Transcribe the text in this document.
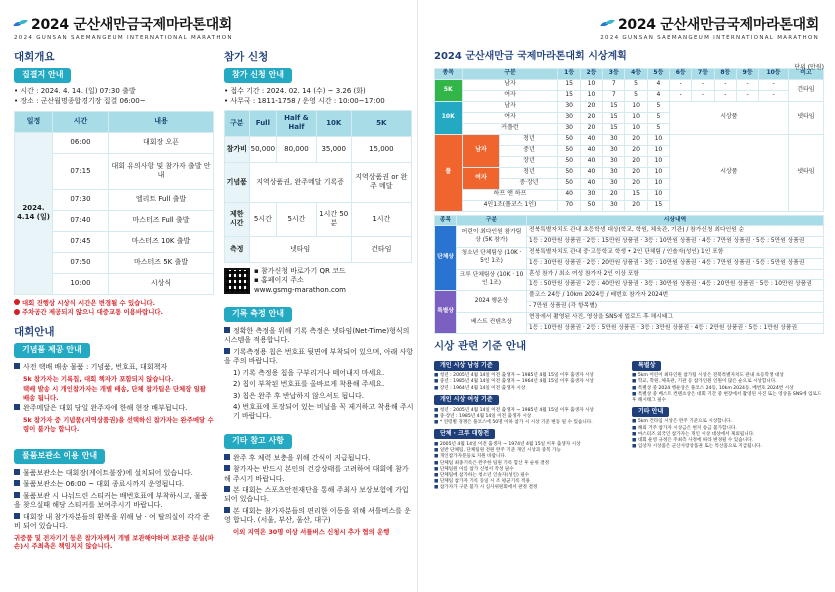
2024 군산새만금국제마라톤대회
2024 GUNSAN SAEMANGEUM INTERNATIONAL MARATHON
2024 군산새만금국제마라톤대회
2024 GUNSAN SAEMANGEUM INTERNATIONAL MARATHON
대회개요
집결지 안내
• 시간 : 2024. 4. 14. (일) 07:30 출발
• 장소 : 군산월명종합경기장 집결 06:00~
일정	시간	내용
2024. 4.14 (일)	06:00	대회장 오픈
	07:15	대회 유의사항 및 참가자 출발 안내
	07:30	엘리트 Full 출발
	07:40	마스터즈 Full 출발
	07:45	마스터즈 10K 출발
	07:50	마스터즈 5K 출발
	10:00	시상식
대회 진행상 시상식 시간은 변경될 수 있습니다.
주차공간 제공되지 않으니 대중교통 이용바랍니다.
대회안내
기념품 제공 안내
사전 택배 배송 물품 : 기념품, 번호표, 대회책자
5k 참가자는 기록칩, 대회 책자가 포함되지 않습니다.
택배 발송 시 개인참가자는 개별 배송, 단체 참가팀은 단체장 일괄 배송 됩니다.
완주메달은 대회 당일 완주자에 한해 현장 배부됩니다.
5k 참가자 중 기념품(지역상품권)을 선택하신 참가자는 완주메달 수령이 불가능 합니다.
물품보관소 이용 안내
물품보관소는 대회장(게이트불장)에 설치되어 있습니다.
물품보관소는 06:00 ~ 대회 종료시까지 운영됩니다.
물품보관 시 나눠드린 스티커는 배번호표에 부착하시고, 물품을 찾으실때 해당 스티커를 보여주시기 바랍니다.
대회장 내 참가자분들의 환복을 위해 남 · 여 탈의실이 각각 준비 되어 있습니다.
귀중품 및 전자기기 등은 참가자께서 개별 보관해야하며 보관중 분실(파손)시 주최측은 책임지지 않습니다.
참가 신청
참가 신청 안내
• 접수 기간 : 2024. 02. 14 (수) ~ 3.26 (화)
• 사무국 : 1811-1758 / 운영 시간 : 10:00~17:00
구분	Full	Half & Half	10K	5K
참가비	50,000	80,000	35,000	15,000
기념품	지역상품권, 완주메달 기록증			지역상품권 or 완주 메달
제한 시간	5시간	5시간	1시간 50분	1시간
측정	넷타임			건타임
▪ 참가신청 바로가기 QR 코드
▪ 홈페이지 주소
www.gsmg-marathon.com
기록 측정 안내
정확한 측정을 위해 기록 측정은 넷타임(Net-Time)형식의 시스템을 적용합니다.
기록측정용 칩은 번호표 뒷면에 부착되어 있으며, 아래 사항을 주의 바랍니다.
1) 기록 측정용 칩을 구부리거나 떼어내지 마세요.
2) 칩이 부착된 번호표를 올바르게 착용해 주세요.
3) 칩은 완주 후 반납하지 않으셔도 됩니다.
4) 번호표에 포장되어 있는 비닐을 꼭 제거하고 착용해 주시기 바랍니다.
기타 참고 사항
완주 후 체력 보충을 위해 간식이 지급됩니다.
참가자는 반드시 본인의 건강상태를 고려하여 대회에 참가해 주시기 바랍니다.
본 대회는 스포츠안전재단을 통해 주최사 보상보험에 가입되어 있습니다.
본 대회는 참가자분들의 편리한 이동을 위해 셔틀버스를 운영 합니다. (서울, 부산, 울산, 대구)
이외 지역은 30명 이상 셔틀버스 신청시 추가 협의 운행
2024 군산새만금 국제마라톤대회 시상계획
단위 (만원)
종목	구분		1등	2등	3등	4등	5등	6등	7등	8등	9등	10등	비고
5K	남자		15	10	7	5	4	-	-	-	-	-	건타임
	여자		15	10	7	5	4	-	-	-	-	-	
10K	남자		30	20	15	10	5	시상품					넷타임
	여자		30	20	15	10	5						
	커플런		30	20	15	10	5						
풀	남자	청년	50	40	30	20	10	시상품					넷타임
		중년	50	40	30	20	10						
		장년	50	40	30	20	10						
	여자	청년	50	40	30	20	10						
		중·장년	50	40	30	20	10						
	하프 앤 하프		40	30	20	15	10						
	4인1조(풀코스 1인)		70	50	30	20	15						
종목	구분	시상내역
단체상	어린이 최다인원 참가팀상 (5K 참가)	전북특별자치도 관내 초등학생 대상(학교, 학원, 체육관, 기관) / 참가신청 최다인원 순
		1등 : 20만원 상품권 · 2등 : 15만원 상품권 · 3등 : 10만원 상품권 · 4등 : 7만원 상품권 · 5등 : 5만원 상품권
	청소년 단체팀상 (10K · 5인 1조)	전북특별자치도 관내 중·고등학교 학생 • 2인 단체팀 / 인솔자(성인) 1인 포함
		1등 : 30만원 상품권 · 2등 : 20만원 상품권 · 3등 : 10만원 상품권 · 4등 : 7만원 상품권 · 5등 : 5만원 상품권
	크루 단체팀상 (10K · 10인 1조)	혼성 참가 / 최소 여성 참가자 2인 이상 포함
		1등 : 50만원 상품권 · 2등 : 40만원 상품권 · 3등 : 30만원 상품권 · 4등 : 20만원 상품권 · 5등 : 10만원 상품권
특별상	2024 행운상	풀코스 24등 / 10km 2024등 / 배번호 참가자 2024번
		- 7만원 상품권 (각 항목별)
	베스트 컨텐츠상	현장에서 촬영된 사진, 영상을 SNS에 업로드 후 해시태그
		1등 : 10만원 상품권 · 2등 : 5만원 상품권 · 3등 : 3만원 상품권 · 4등 : 2만원 상품권 · 5등 : 1만원 상품권
시상 관련 기준 안내
개인 시상 남성 기준
■ 청년 : 2005년 4월 14일 이전 출생자 ~ 1985년 4월 15일 이후 출생자 시상
■ 중년 : 1985년 4월 14일 이전 출생자 ~ 1964년 4월 15일 이후 출생자 시상
■ 장년 : 1964년 4월 14일 이전 출생자 시상
개인 시상 여성 기준
■ 청년 : 2005년 4월 14일 이전 출생자 ~ 1985년 4월 15일 이후 출생자 시상
■ 중·장년 : 1985년 4월 14일 이전 출생자 시상
■ * 연령별 경쟁은 풀코스에 50명 이하 참가 시 시상 기준 변동 될 수 있습니다.
단체 · 크루 대항전
■ 2005년 4월 14일 이전 출생자 ~ 1974년 4월 15일 이후 출생자 시상
■ 일반 단체팀, 단체팀원 전원 완주 기준 개인 시상과 중복 가능
■ 개인참가자분들로 지원 바랍니다.
■ 단체팀 최종기록은 완주한 팀원 기록 합산 후 순위 결정
■ 단체팀원 이름 참가 신청서 작성 필수
■ 단체팀에 참가하는 청소년 인솔자(성인) 필수
■ 단체팀 참가자 기록 동일 시 조 평균기록 적용
■ 참가자가 구분 불가 시 심사위원회에서 판정 결정
특별상
■ 5km 어린이 최다인원 참가팀 시상은 전북특별자치도 관내 초등학생 대상
■ 학교, 학원, 체육관, 기관 등 참가인원 인원이 많은 순으로 시상합니다.
■ 특별상 중 2024 행운상은 풀코스 24등, 10km 2024등, 배번호 2024번 시상
■ 특별상 중 베스트 컨텐츠상은 대회 기간 중 현장에서 촬영된 사진 또는 영상을 SNS에 업로드 후 해시태그 필수
기타 안내
■ 5km 건타임 시상은 완주 기준으로 시상합니다.
■ 해외 거주 참가자 시상금은 현지 송금 불가합니다.
■ 마스터즈 외국인 참가자는 개인 시상 대상에서 제외됩니다.
■ 대회 운영 규정은 주최측 사정에 따라 변경될 수 있습니다.
■ 입상자 시상품은 군산사랑상품권 또는 특산품으로 지급됩니다.
